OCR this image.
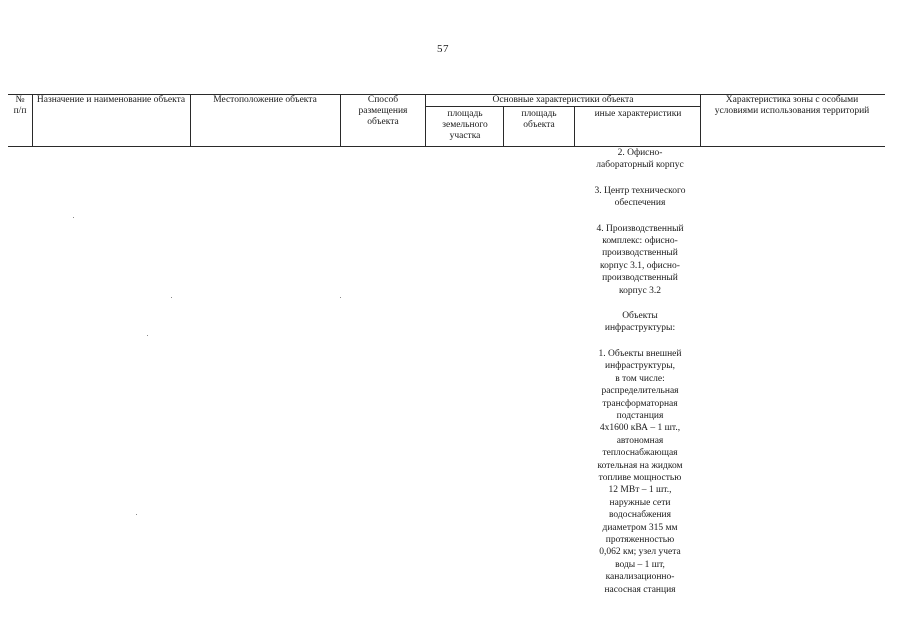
57
№
п/п
Назначение и наименование объекта	Местоположение объекта	Способ размещения объекта
Основные характеристики объекта
площадь земельного участка
площадь объекта
иные характеристики
Характеристика зоны с особыми условиями использования территорий

2. Офисно-
лабораторный корпус

3. Центр технического
обеспечения

4. Производственный
комплекс: офисно-
производственный
корпус 3.1, офисно-
производственный
корпус 3.2

Объекты
инфраструктуры:

1. Объекты внешней
инфраструктуры,
в том числе:
распределительная
трансформаторная
подстанция
4х1600 кВА – 1 шт.,
автономная
теплоснабжающая
котельная на жидком
топливе мощностью
12 МВт – 1 шт.,
наружные сети
водоснабжения
диаметром 315 мм
протяженностью
0,062 км; узел учета
воды – 1 шт,
канализационно-
насосная станция
